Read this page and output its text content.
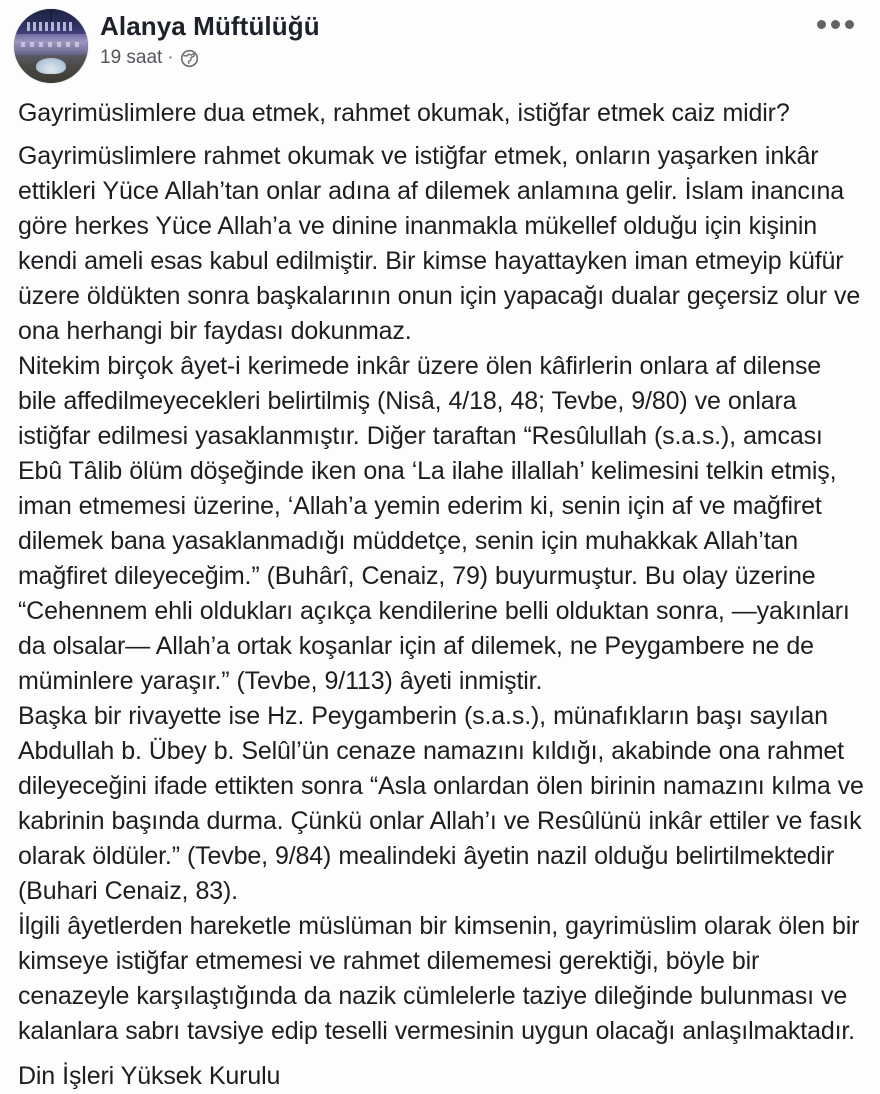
Alanya Müftülüğü
19 saat ·

Gayrimüslimlere dua etmek, rahmet okumak, istiğfar etmek caiz midir?

Gayrimüslimlere rahmet okumak ve istiğfar etmek, onların yaşarken inkâr ettikleri Yüce Allah’tan onlar adına af dilemek anlamına gelir. İslam inancına göre herkes Yüce Allah’a ve dinine inanmakla mükellef olduğu için kişinin kendi ameli esas kabul edilmiştir. Bir kimse hayattayken iman etmeyip küfür üzere öldükten sonra başkalarının onun için yapacağı dualar geçersiz olur ve ona herhangi bir faydası dokunmaz.

Nitekim birçok âyet-i kerimede inkâr üzere ölen kâfirlerin onlara af dilense bile affedilmeyecekleri belirtilmiş (Nisâ, 4/18, 48; Tevbe, 9/80) ve onlara istiğfar edilmesi yasaklanmıştır. Diğer taraftan “Resûlullah (s.a.s.), amcası Ebû Tâlib ölüm döşeğinde iken ona ‘La ilahe illallah’ kelimesini telkin etmiş, iman etmemesi üzerine, ‘Allah’a yemin ederim ki, senin için af ve mağfiret dilemek bana yasaklanmadığı müddetçe, senin için muhakkak Allah’tan mağfiret dileyeceğim.” (Buhârî, Cenaiz, 79) buyurmuştur. Bu olay üzerine “Cehennem ehli oldukları açıkça kendilerine belli olduktan sonra, —yakınları da olsalar— Allah’a ortak koşanlar için af dilemek, ne Peygambere ne de müminlere yaraşır.” (Tevbe, 9/113) âyeti inmiştir.

Başka bir rivayette ise Hz. Peygamberin (s.a.s.), münafıkların başı sayılan Abdullah b. Übey b. Selûl’ün cenaze namazını kıldığı, akabinde ona rahmet dileyeceğini ifade ettikten sonra “Asla onlardan ölen birinin namazını kılma ve kabrinin başında durma. Çünkü onlar Allah’ı ve Resûlünü inkâr ettiler ve fasık olarak öldüler.” (Tevbe, 9/84) mealindeki âyetin nazil olduğu belirtilmektedir (Buhari Cenaiz, 83).

İlgili âyetlerden hareketle müslüman bir kimsenin, gayrimüslim olarak ölen bir kimseye istiğfar etmemesi ve rahmet dilememesi gerektiği, böyle bir cenazeyle karşılaştığında da nazik cümlelerle taziye dileğinde bulunması ve kalanlara sabrı tavsiye edip teselli vermesinin uygun olacağı anlaşılmaktadır.

Din İşleri Yüksek Kurulu
